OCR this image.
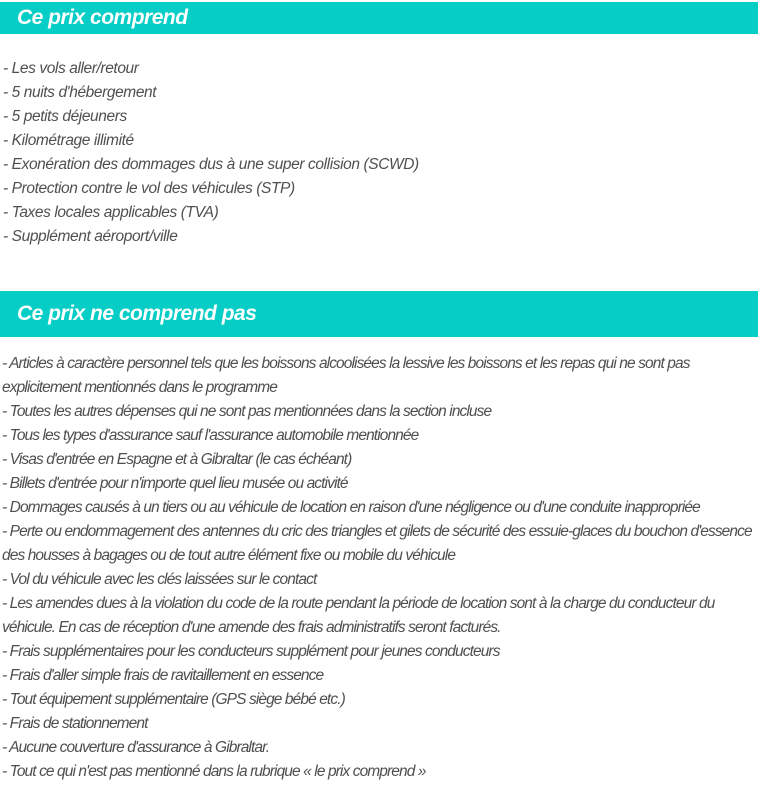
Ce prix comprend

- Les vols aller/retour

- 5 nuits d'hébergement

- 5 petits déjeuners

- Kilométrage illimité

- Exonération des dommages dus à une super collision (SCWD)

- Protection contre le vol des véhicules (STP)

- Taxes locales applicables (TVA)

- Supplément aéroport/ville

Ce prix ne comprend pas

- Articles à caractère personnel tels que les boissons alcoolisées la lessive les boissons et les repas qui ne sont pas explicitement mentionnés dans le programme

- Toutes les autres dépenses qui ne sont pas mentionnées dans la section incluse

- Tous les types d'assurance sauf l'assurance automobile mentionnée

- Visas d'entrée en Espagne et à Gibraltar (le cas échéant)

- Billets d'entrée pour n'importe quel lieu musée ou activité

- Dommages causés à un tiers ou au véhicule de location en raison d'une négligence ou d'une conduite inappropriée

- Perte ou endommagement des antennes du cric des triangles et gilets de sécurité des essuie-glaces du bouchon d'essence des housses à bagages ou de tout autre élément fixe ou mobile du véhicule

- Vol du véhicule avec les clés laissées sur le contact

- Les amendes dues à la violation du code de la route pendant la période de location sont à la charge du conducteur du véhicule. En cas de réception d'une amende des frais administratifs seront facturés.

- Frais supplémentaires pour les conducteurs supplément pour jeunes conducteurs

- Frais d'aller simple frais de ravitaillement en essence

- Tout équipement supplémentaire (GPS siège bébé etc.)

- Frais de stationnement

- Aucune couverture d'assurance à Gibraltar.

- Tout ce qui n'est pas mentionné dans la rubrique « le prix comprend »
